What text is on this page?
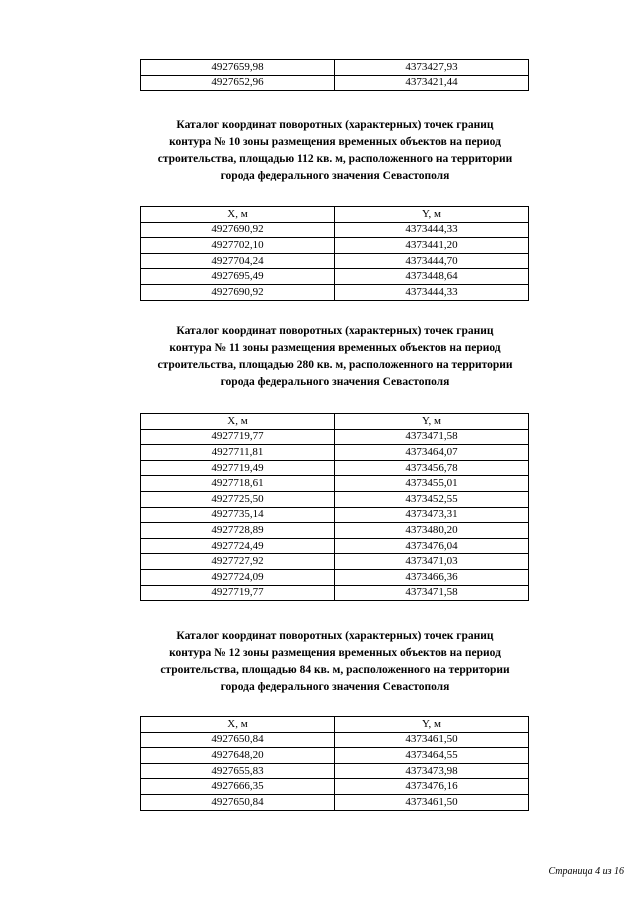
4927659,98	4373427,93
4927652,96	4373421,44
Каталог координат поворотных (характерных) точек границ
контура № 10 зоны размещения временных объектов на период
строительства, площадью 112 кв. м, расположенного на территории
города федерального значения Севастополя
X, м	Y, м
4927690,92	4373444,33
4927702,10	4373441,20
4927704,24	4373444,70
4927695,49	4373448,64
4927690,92	4373444,33
Каталог координат поворотных (характерных) точек границ
контура № 11 зоны размещения временных объектов на период
строительства, площадью 280 кв. м, расположенного на территории
города федерального значения Севастополя
X, м	Y, м
4927719,77	4373471,58
4927711,81	4373464,07
4927719,49	4373456,78
4927718,61	4373455,01
4927725,50	4373452,55
4927735,14	4373473,31
4927728,89	4373480,20
4927724,49	4373476,04
4927727,92	4373471,03
4927724,09	4373466,36
4927719,77	4373471,58
Каталог координат поворотных (характерных) точек границ
контура № 12 зоны размещения временных объектов на период
строительства, площадью 84 кв. м, расположенного на территории
города федерального значения Севастополя
X, м	Y, м
4927650,84	4373461,50
4927648,20	4373464,55
4927655,83	4373473,98
4927666,35	4373476,16
4927650,84	4373461,50
Страница 4 из 16
